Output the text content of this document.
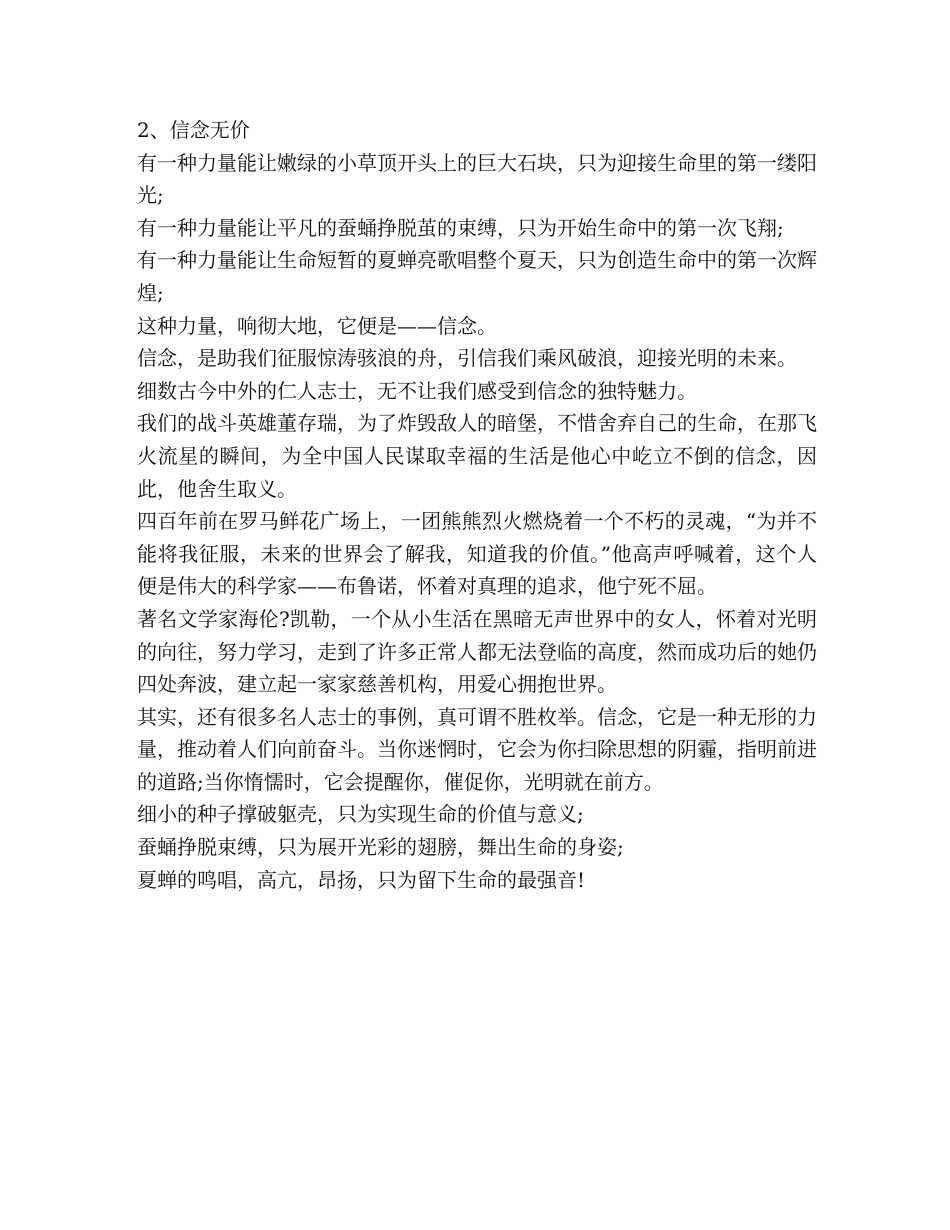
2、信念无价

有一种力量能让嫩绿的小草顶开头上的巨大石块，只为迎接生命里的第一缕阳光;

有一种力量能让平凡的蚕蛹挣脱茧的束缚，只为开始生命中的第一次飞翔;

有一种力量能让生命短暂的夏蝉亮歌唱整个夏天，只为创造生命中的第一次辉煌;

这种力量，响彻大地，它便是——信念。

信念，是助我们征服惊涛骇浪的舟，引信我们乘风破浪，迎接光明的未来。

细数古今中外的仁人志士，无不让我们感受到信念的独特魅力。

我们的战斗英雄董存瑞，为了炸毁敌人的暗堡，不惜舍弃自己的生命，在那飞火流星的瞬间，为全中国人民谋取幸福的生活是他心中屹立不倒的信念，因此，他舍生取义。

四百年前在罗马鲜花广场上，一团熊熊烈火燃烧着一个不朽的灵魂，“为并不能将我征服，未来的世界会了解我，知道我的价值。”他高声呼喊着，这个人便是伟大的科学家——布鲁诺，怀着对真理的追求，他宁死不屈。

著名文学家海伦?凯勒，一个从小生活在黑暗无声世界中的女人，怀着对光明的向往，努力学习，走到了许多正常人都无法登临的高度，然而成功后的她仍四处奔波，建立起一家家慈善机构，用爱心拥抱世界。

其实，还有很多名人志士的事例，真可谓不胜枚举。信念，它是一种无形的力量，推动着人们向前奋斗。当你迷惘时，它会为你扫除思想的阴霾，指明前进的道路;当你惰懦时，它会提醒你，催促你，光明就在前方。

细小的种子撑破躯壳，只为实现生命的价值与意义;

蚕蛹挣脱束缚，只为展开光彩的翅膀，舞出生命的身姿;

夏蝉的鸣唱，高亢，昂扬，只为留下生命的最强音!
